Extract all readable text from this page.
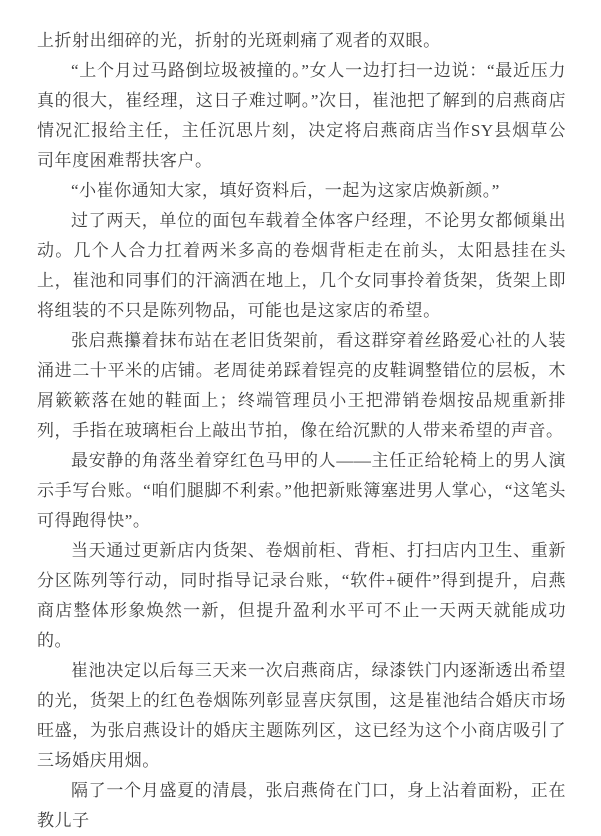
上折射出细碎的光，折射的光斑刺痛了观者的双眼。

“上个月过马路倒垃圾被撞的。”女人一边打扫一边说：“最近压力真的很大，崔经理，这日子难过啊。”次日，崔池把了解到的启燕商店情况汇报给主任，主任沉思片刻，决定将启燕商店当作SY县烟草公司年度困难帮扶客户。

“小崔你通知大家，填好资料后，一起为这家店焕新颜。”

过了两天，单位的面包车载着全体客户经理，不论男女都倾巢出动。几个人合力扛着两米多高的卷烟背柜走在前头，太阳悬挂在头上，崔池和同事们的汗滴洒在地上，几个女同事拎着货架，货架上即将组装的不只是陈列物品，可能也是这家店的希望。

张启燕攥着抹布站在老旧货架前，看这群穿着丝路爱心社的人装涌进二十平米的店铺。老周徒弟踩着锃亮的皮鞋调整错位的层板，木屑簌簌落在她的鞋面上；终端管理员小王把滞销卷烟按品规重新排列，手指在玻璃柜台上敲出节拍，像在给沉默的人带来希望的声音。

最安静的角落坐着穿红色马甲的人——主任正给轮椅上的男人演示手写台账。“咱们腿脚不利索。”他把新账簿塞进男人掌心，“这笔头可得跑得快”。

当天通过更新店内货架、卷烟前柜、背柜、打扫店内卫生、重新分区陈列等行动，同时指导记录台账，“软件+硬件”得到提升，启燕商店整体形象焕然一新，但提升盈利水平可不止一天两天就能成功的。

崔池决定以后每三天来一次启燕商店，绿漆铁门内逐渐透出希望的光，货架上的红色卷烟陈列彰显喜庆氛围，这是崔池结合婚庆市场旺盛，为张启燕设计的婚庆主题陈列区，这已经为这个小商店吸引了三场婚庆用烟。

隔了一个月盛夏的清晨，张启燕倚在门口，身上沾着面粉，正在教儿子
